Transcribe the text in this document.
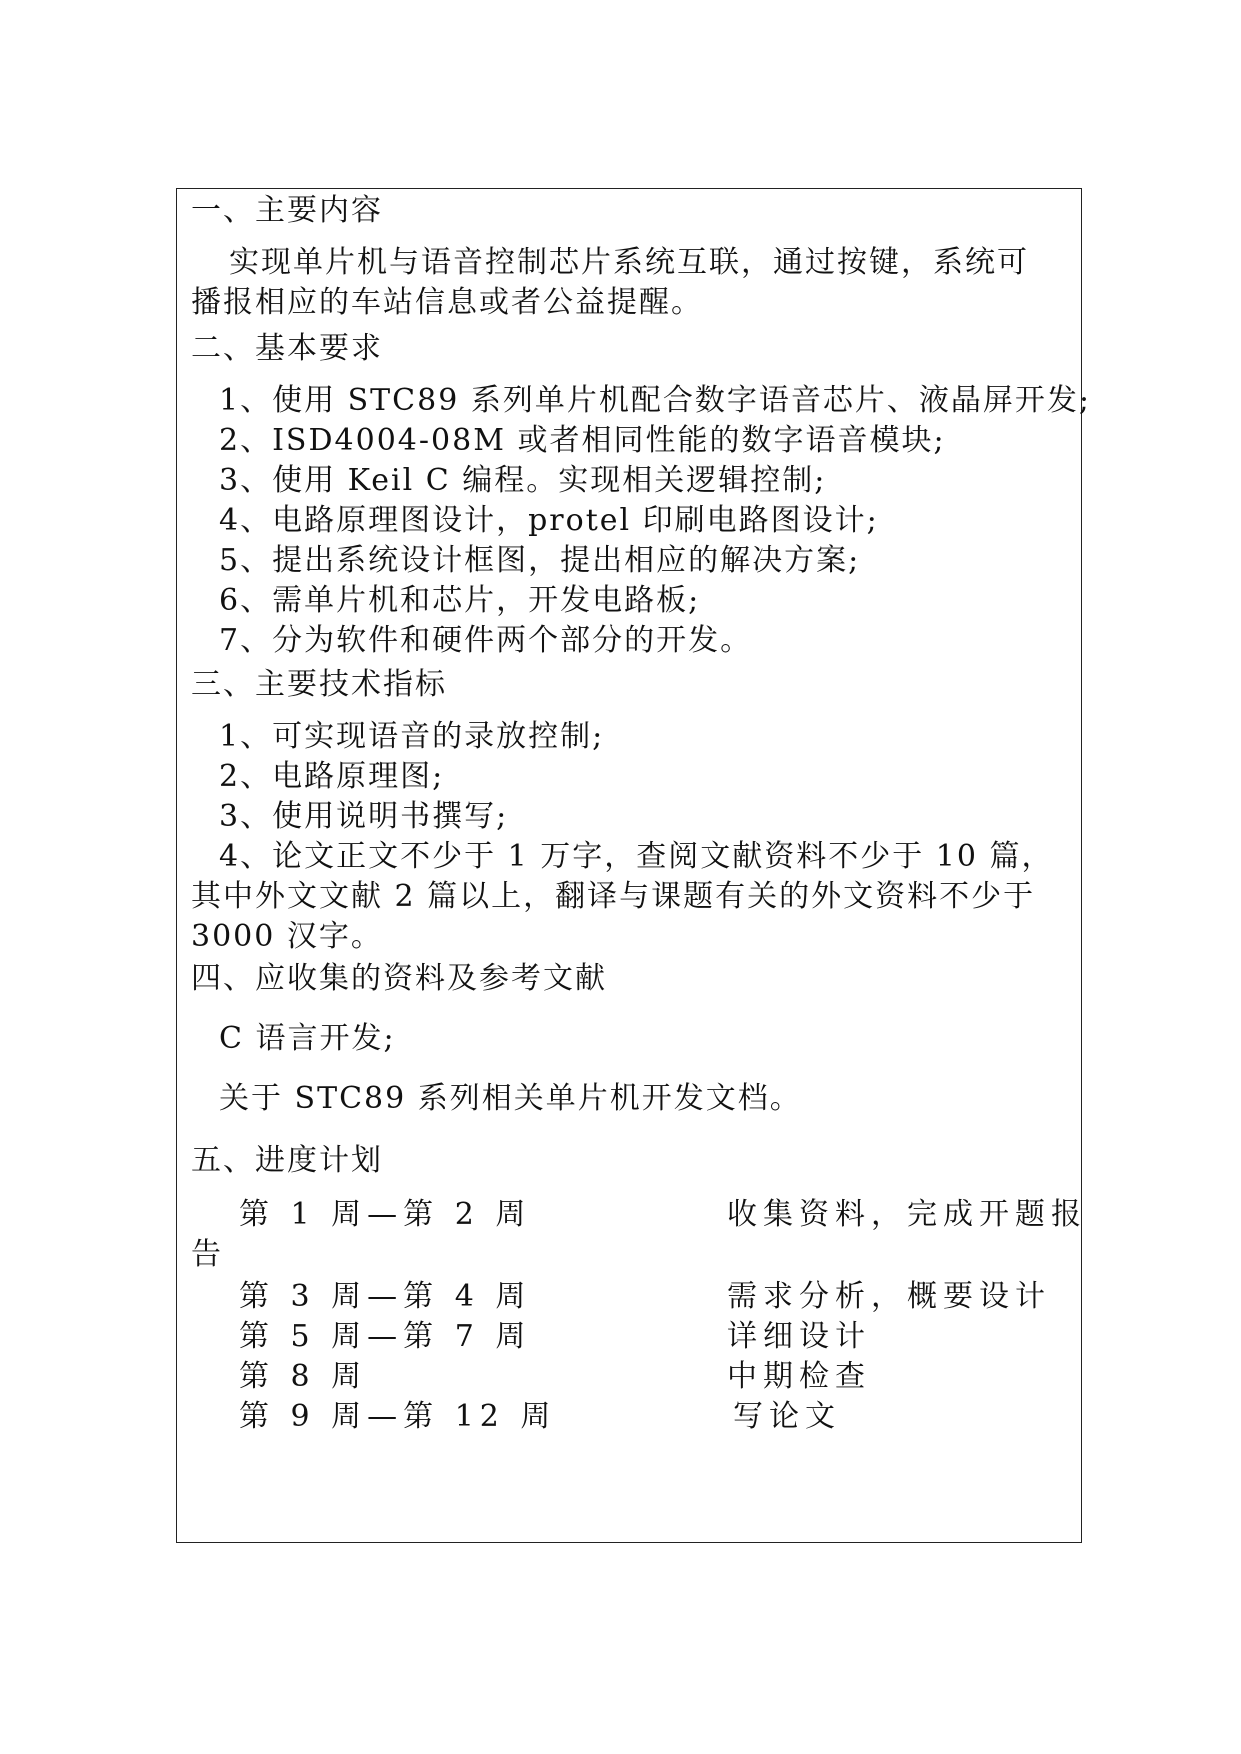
一、主要内容
实现单片机与语音控制芯片系统互联，通过按键，系统可
播报相应的车站信息或者公益提醒。
二、基本要求
1、使用 STC89 系列单片机配合数字语音芯片、液晶屏开发;
2、ISD4004-08M 或者相同性能的数字语音模块;
3、使用 Keil C 编程。实现相关逻辑控制;
4、电路原理图设计，protel 印刷电路图设计;
5、提出系统设计框图，提出相应的解决方案;
6、需单片机和芯片，开发电路板;
7、分为软件和硬件两个部分的开发。
三、主要技术指标
1、可实现语音的录放控制;
2、电路原理图;
3、使用说明书撰写;
4、论文正文不少于 1 万字，查阅文献资料不少于 10 篇，
其中外文文献 2 篇以上，翻译与课题有关的外文资料不少于
3000 汉字。
四、应收集的资料及参考文献
C 语言开发;
关于 STC89 系列相关单片机开发文档。
五、进度计划
第 1 周—第 2 周	收集资料，完成开题报
告
第 3 周—第 4 周	需求分析，概要设计
第 5 周—第 7 周	详细设计
第 8 周	中期检查
第 9 周—第 12 周	写论文
